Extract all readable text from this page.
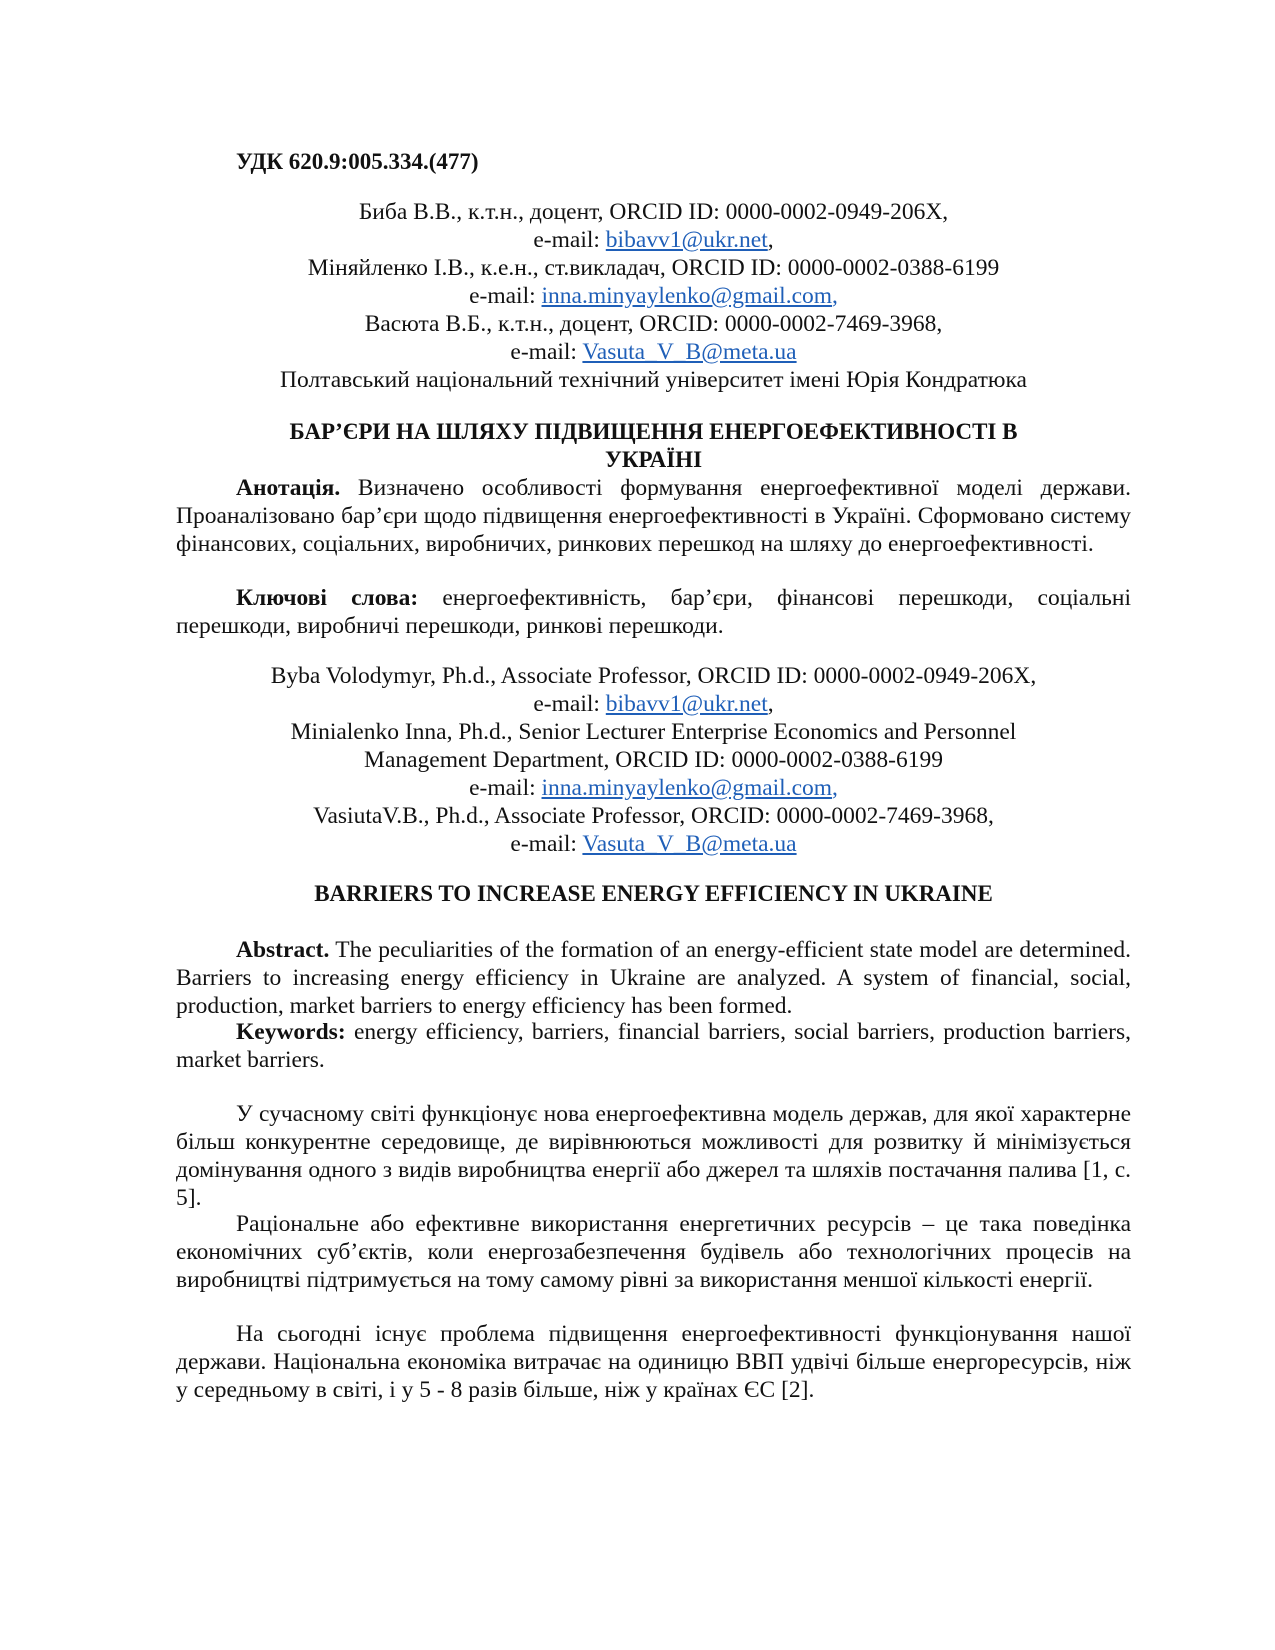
УДК 620.9:005.334.(477)
Биба В.В., к.т.н., доцент, ORCID ID: 0000-0002-0949-206Х,
e-mail: bibavv1@ukr.net,
Міняйленко І.В., к.е.н., ст.викладач, ORCID ID: 0000-0002-0388-6199
e-mail: inna.minyaylenko@gmail.com,
Васюта В.Б., к.т.н., доцент, ORCID: 0000-0002-7469-3968,
e-mail: Vasuta_V_B@meta.ua
Полтавський національний технічний університет імені Юрія Кондратюка
БАР’ЄРИ НА ШЛЯХУ ПІДВИЩЕННЯ ЕНЕРГОЕФЕКТИВНОСТІ В
УКРАЇНІ

Анотація. Визначено особливості формування енергоефективної моделі держави. Проаналізовано бар’єри щодо підвищення енергоефективності в Україні. Сформовано систему фінансових, соціальних, виробничих, ринкових перешкод на шляху до енергоефективності.

Ключові слова: енергоефективність, бар’єри, фінансові перешкоди, соціальні перешкоди, виробничі перешкоди, ринкові перешкоди.

Byba Volodymyr, Ph.d., Associate Professor, ORCID ID: 0000-0002-0949-206X,
e-mail: bibavv1@ukr.net,
Minialenko Inna, Ph.d., Senior Lecturer Enterprise Economics and Personnel
Management Department, ORCID ID: 0000-0002-0388-6199
e-mail: inna.minyaylenko@gmail.com,
VasiutaV.B., Ph.d., Associate Professor, ORCID: 0000-0002-7469-3968,
e-mail: Vasuta_V_B@meta.ua
BARRIERS TO INCREASE ENERGY EFFICIENCY IN UKRAINE

Abstract. The peculiarities of the formation of an energy-efficient state model are determined. Barriers to increasing energy efficiency in Ukraine are analyzed. A system of financial, social, production, market barriers to energy efficiency has been formed.

Keywords: energy efficiency, barriers, financial barriers, social barriers, production barriers, market barriers.

У сучасному світі функціонує нова енергоефективна модель держав, для якої характерне більш конкурентне середовище, де вирівнюються можливості для розвитку й мінімізується домінування одного з видів виробництва енергії або джерел та шляхів постачання палива [1, с. 5].

Раціональне або ефективне використання енергетичних ресурсів – це така поведінка економічних суб’єктів, коли енергозабезпечення будівель або технологічних процесів на виробництві підтримується на тому самому рівні за використання меншої кількості енергії.

На сьогодні існує проблема підвищення енергоефективності функціонування нашої держави. Національна економіка витрачає на одиницю ВВП удвічі більше енергоресурсів, ніж у середньому в світі, і у 5 - 8 разів більше, ніж у країнах ЄС [2].
